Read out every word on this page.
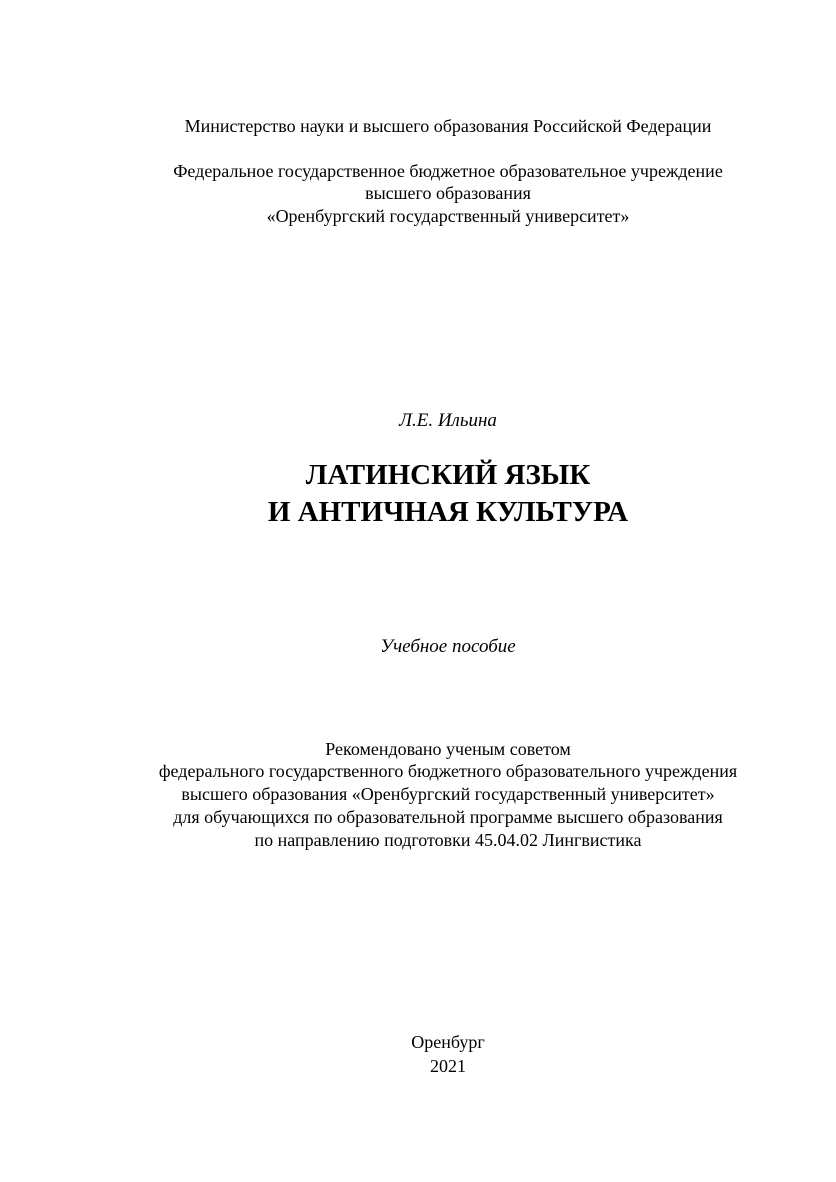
Министерство науки и высшего образования Российской Федерации
Федеральное государственное бюджетное образовательное учреждение
высшего образования
«Оренбургский государственный университет»
Л.Е. Ильина
ЛАТИНСКИЙ ЯЗЫК
И АНТИЧНАЯ КУЛЬТУРА
Учебное пособие
Рекомендовано ученым советом
федерального государственного бюджетного образовательного учреждения
высшего образования «Оренбургский государственный университет»
для обучающихся по образовательной программе высшего образования
по направлению подготовки 45.04.02 Лингвистика
Оренбург
2021
